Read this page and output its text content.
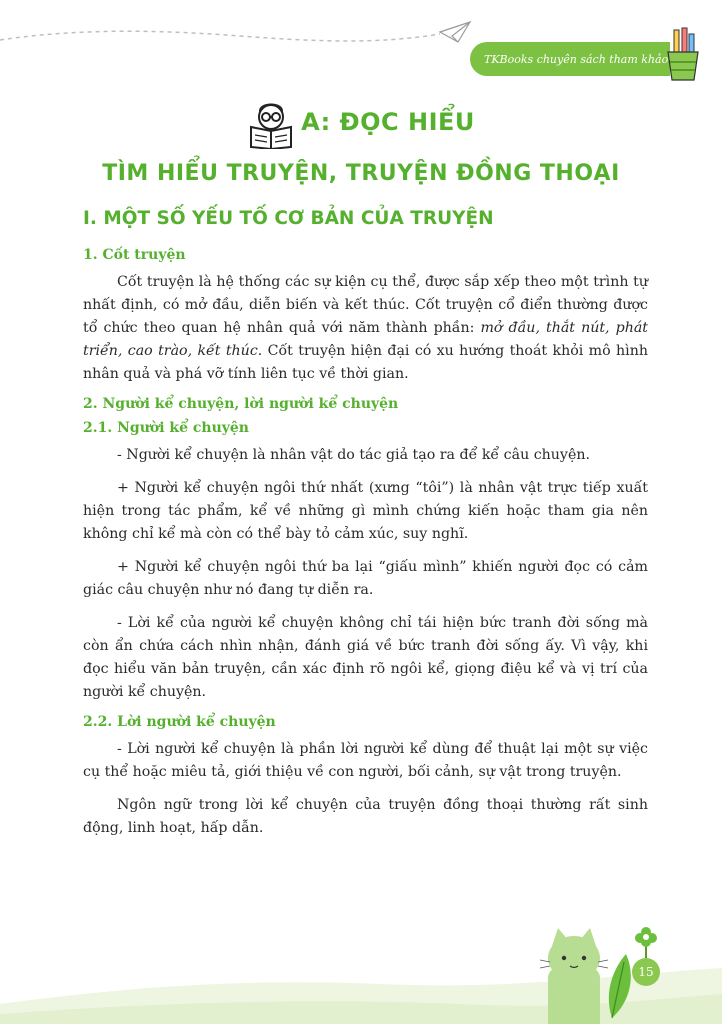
TKBooks chuyên sách tham khảo
A: ĐỌC HIỂU
TÌM HIỂU TRUYỆN, TRUYỆN ĐỒNG THOẠI
I. MỘT SỐ YẾU TỐ CƠ BẢN CỦA TRUYỆN
1. Cốt truyện

Cốt truyện là hệ thống các sự kiện cụ thể, được sắp xếp theo một trình tự nhất định, có mở đầu, diễn biến và kết thúc. Cốt truyện cổ điển thường được tổ chức theo quan hệ nhân quả với năm thành phần: mở đầu, thắt nút, phát triển, cao trào, kết thúc. Cốt truyện hiện đại có xu hướng thoát khỏi mô hình nhân quả và phá vỡ tính liên tục về thời gian.

2. Người kể chuyện, lời người kể chuyện
2.1. Người kể chuyện

- Người kể chuyện là nhân vật do tác giả tạo ra để kể câu chuyện.

+ Người kể chuyện ngôi thứ nhất (xưng “tôi”) là nhân vật trực tiếp xuất hiện trong tác phẩm, kể về những gì mình chứng kiến hoặc tham gia nên không chỉ kể mà còn có thể bày tỏ cảm xúc, suy nghĩ.

+ Người kể chuyện ngôi thứ ba lại “giấu mình” khiến người đọc có cảm giác câu chuyện như nó đang tự diễn ra.

- Lời kể của người kể chuyện không chỉ tái hiện bức tranh đời sống mà còn ẩn chứa cách nhìn nhận, đánh giá về bức tranh đời sống ấy. Vì vậy, khi đọc hiểu văn bản truyện, cần xác định rõ ngôi kể, giọng điệu kể và vị trí của người kể chuyện.

2.2. Lời người kể chuyện

- Lời người kể chuyện là phần lời người kể dùng để thuật lại một sự việc cụ thể hoặc miêu tả, giới thiệu về con người, bối cảnh, sự vật trong truyện.

Ngôn ngữ trong lời kể chuyện của truyện đồng thoại thường rất sinh động, linh hoạt, hấp dẫn.

15
